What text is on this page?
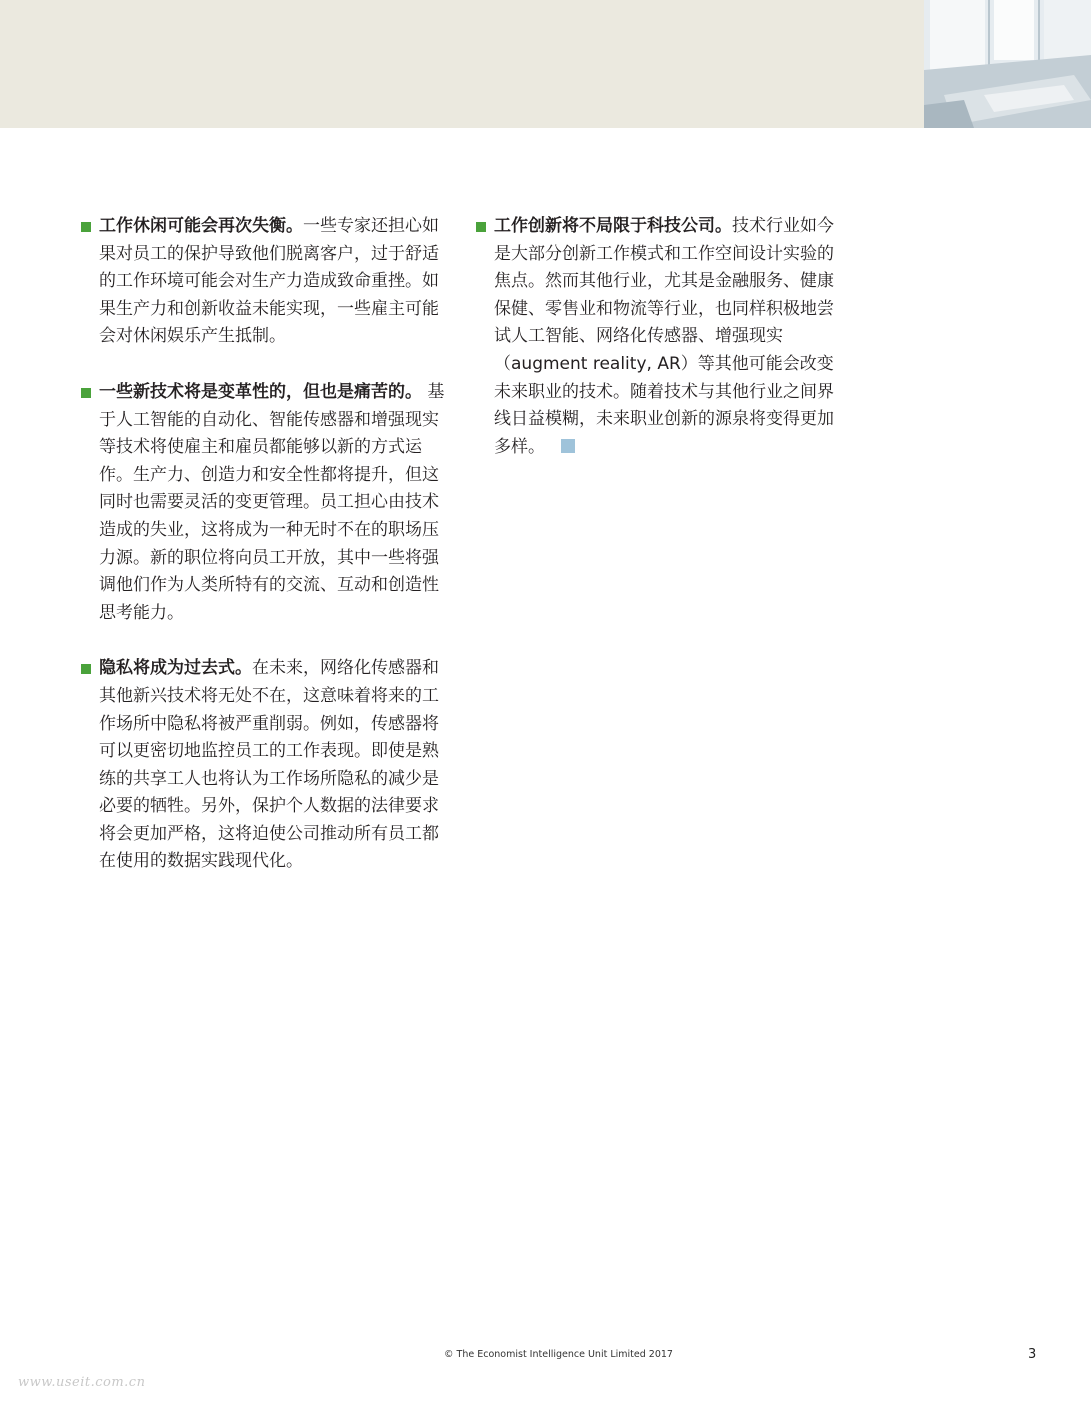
工作休闲可能会再次失衡。一些专家还担心如果对员工的保护导致他们脱离客户，过于舒适的工作环境可能会对生产力造成致命重挫。如果生产力和创新收益未能实现，一些雇主可能会对休闲娱乐产生抵制。
一些新技术将是变革性的，但也是痛苦的。 基于人工智能的自动化、智能传感器和增强现实等技术将使雇主和雇员都能够以新的方式运作。生产力、创造力和安全性都将提升，但这同时也需要灵活的变更管理。员工担心由技术造成的失业，这将成为一种无时不在的职场压力源。新的职位将向员工开放，其中一些将强调他们作为人类所特有的交流、互动和创造性思考能力。
隐私将成为过去式。在未来，网络化传感器和其他新兴技术将无处不在，这意味着将来的工作场所中隐私将被严重削弱。例如，传感器将可以更密切地监控员工的工作表现。即使是熟练的共享工人也将认为工作场所隐私的减少是必要的牺牲。另外，保护个人数据的法律要求将会更加严格，这将迫使公司推动所有员工都在使用的数据实践现代化。
工作创新将不局限于科技公司。技术行业如今是大部分创新工作模式和工作空间设计实验的焦点。然而其他行业，尤其是金融服务、健康保健、零售业和物流等行业，也同样积极地尝试人工智能、网络化传感器、增强现实（augment reality, AR）等其他可能会改变未来职业的技术。随着技术与其他行业之间界线日益模糊，未来职业创新的源泉将变得更加多样。
© The Economist Intelligence Unit Limited 2017	3
www.useit.com.cn
